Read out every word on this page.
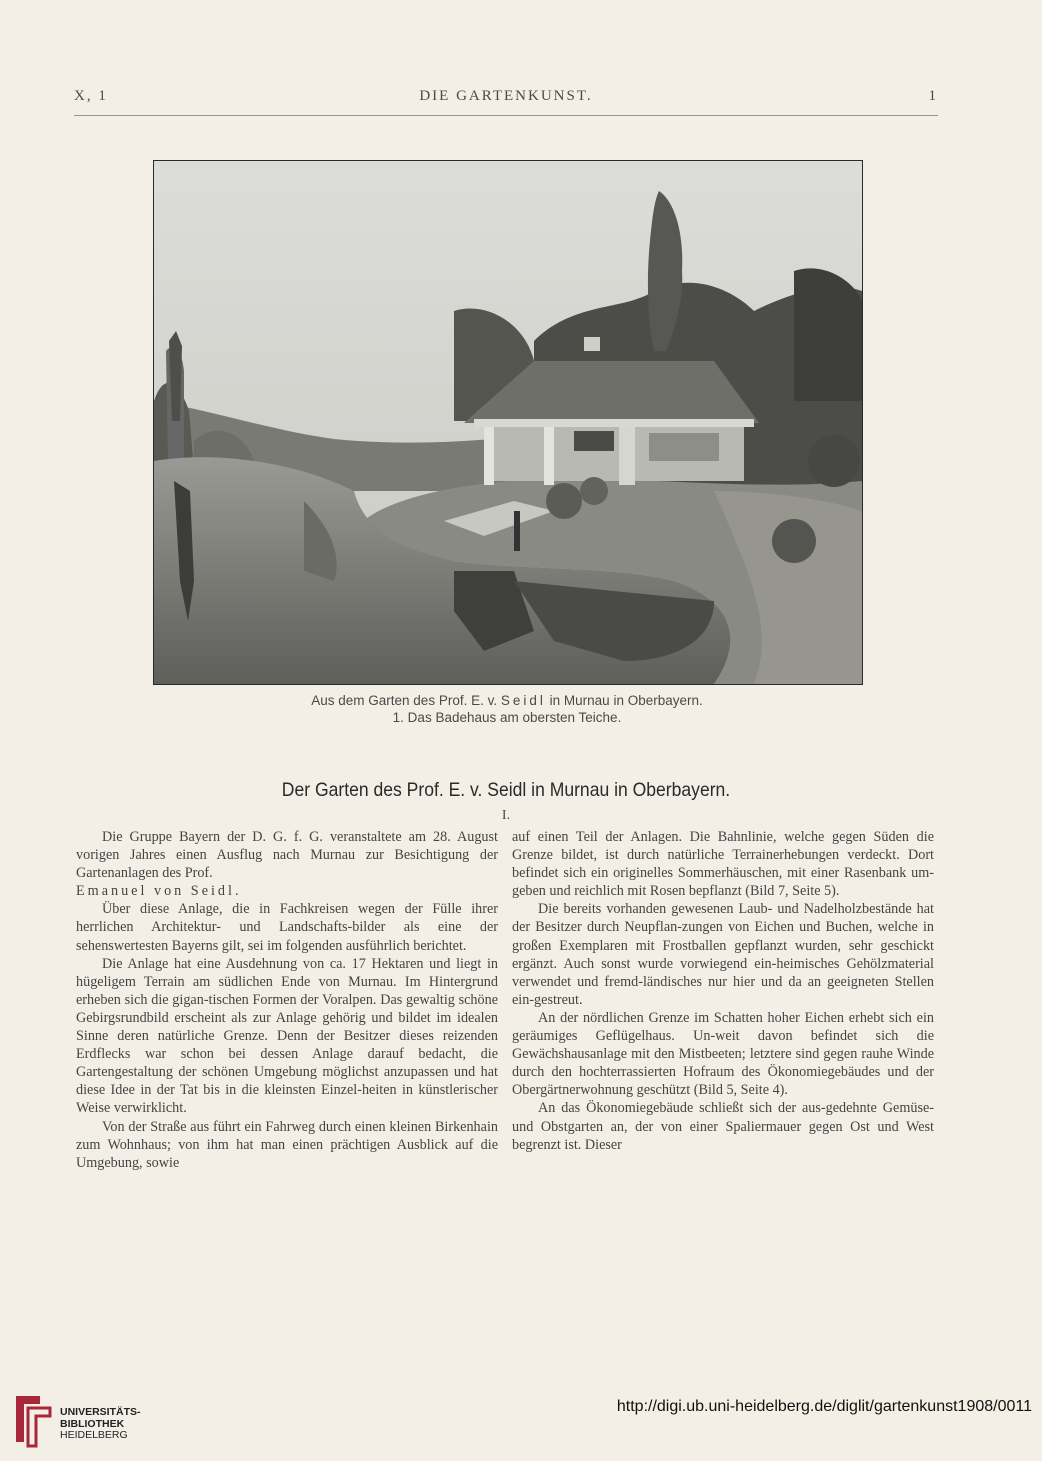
X, 1	DIE GARTENKUNST.	1
Aus dem Garten des Prof. E. v. Seidl in Murnau in Oberbayern.
1. Das Badehaus am obersten Teiche.
Der Garten des Prof. E. v. Seidl in Murnau in Oberbayern.
I.

Die Gruppe Bayern der D. G. f. G. veranstaltete am 28. August vorigen Jahres einen Ausflug nach Murnau zur Besichtigung der Gartenanlagen des Prof.

Emanuel von Seidl.

Über diese Anlage, die in Fachkreisen wegen der Fülle ihrer herrlichen Architektur- und Landschafts-bilder als eine der sehenswertesten Bayerns gilt, sei im folgenden ausführlich berichtet.

Die Anlage hat eine Ausdehnung von ca. 17 Hektaren und liegt in hügeligem Terrain am südlichen Ende von Murnau. Im Hintergrund erheben sich die gigan-tischen Formen der Voralpen. Das gewaltig schöne Gebirgsrundbild erscheint als zur Anlage gehörig und bildet im idealen Sinne deren natürliche Grenze. Denn der Besitzer dieses reizenden Erdflecks war schon bei dessen Anlage darauf bedacht, die Gartengestaltung der schönen Umgebung möglichst anzupassen und hat diese Idee in der Tat bis in die kleinsten Einzel-heiten in künstlerischer Weise verwirklicht.

Von der Straße aus führt ein Fahrweg durch einen kleinen Birkenhain zum Wohnhaus; von ihm hat man einen prächtigen Ausblick auf die Umgebung, sowie

auf einen Teil der Anlagen. Die Bahnlinie, welche gegen Süden die Grenze bildet, ist durch natürliche Terrainerhebungen verdeckt. Dort befindet sich ein originelles Sommerhäuschen, mit einer Rasenbank um-geben und reichlich mit Rosen bepflanzt (Bild 7, Seite 5).

Die bereits vorhanden gewesenen Laub- und Nadelholzbestände hat der Besitzer durch Neupflan-zungen von Eichen und Buchen, welche in großen Exemplaren mit Frostballen gepflanzt wurden, sehr geschickt ergänzt. Auch sonst wurde vorwiegend ein-heimisches Gehölzmaterial verwendet und fremd-ländisches nur hier und da an geeigneten Stellen ein-gestreut.

An der nördlichen Grenze im Schatten hoher Eichen erhebt sich ein geräumiges Geflügelhaus. Un-weit davon befindet sich die Gewächshausanlage mit den Mistbeeten; letztere sind gegen rauhe Winde durch den hochterrassierten Hofraum des Ökonomiegebäudes und der Obergärtnerwohnung geschützt (Bild 5, Seite 4).

An das Ökonomiegebäude schließt sich der aus-gedehnte Gemüse- und Obstgarten an, der von einer Spaliermauer gegen Ost und West begrenzt ist. Dieser

UNIVERSITÄTS-
BIBLIOTHEK
HEIDELBERG
http://digi.ub.uni-heidelberg.de/diglit/gartenkunst1908/0011
